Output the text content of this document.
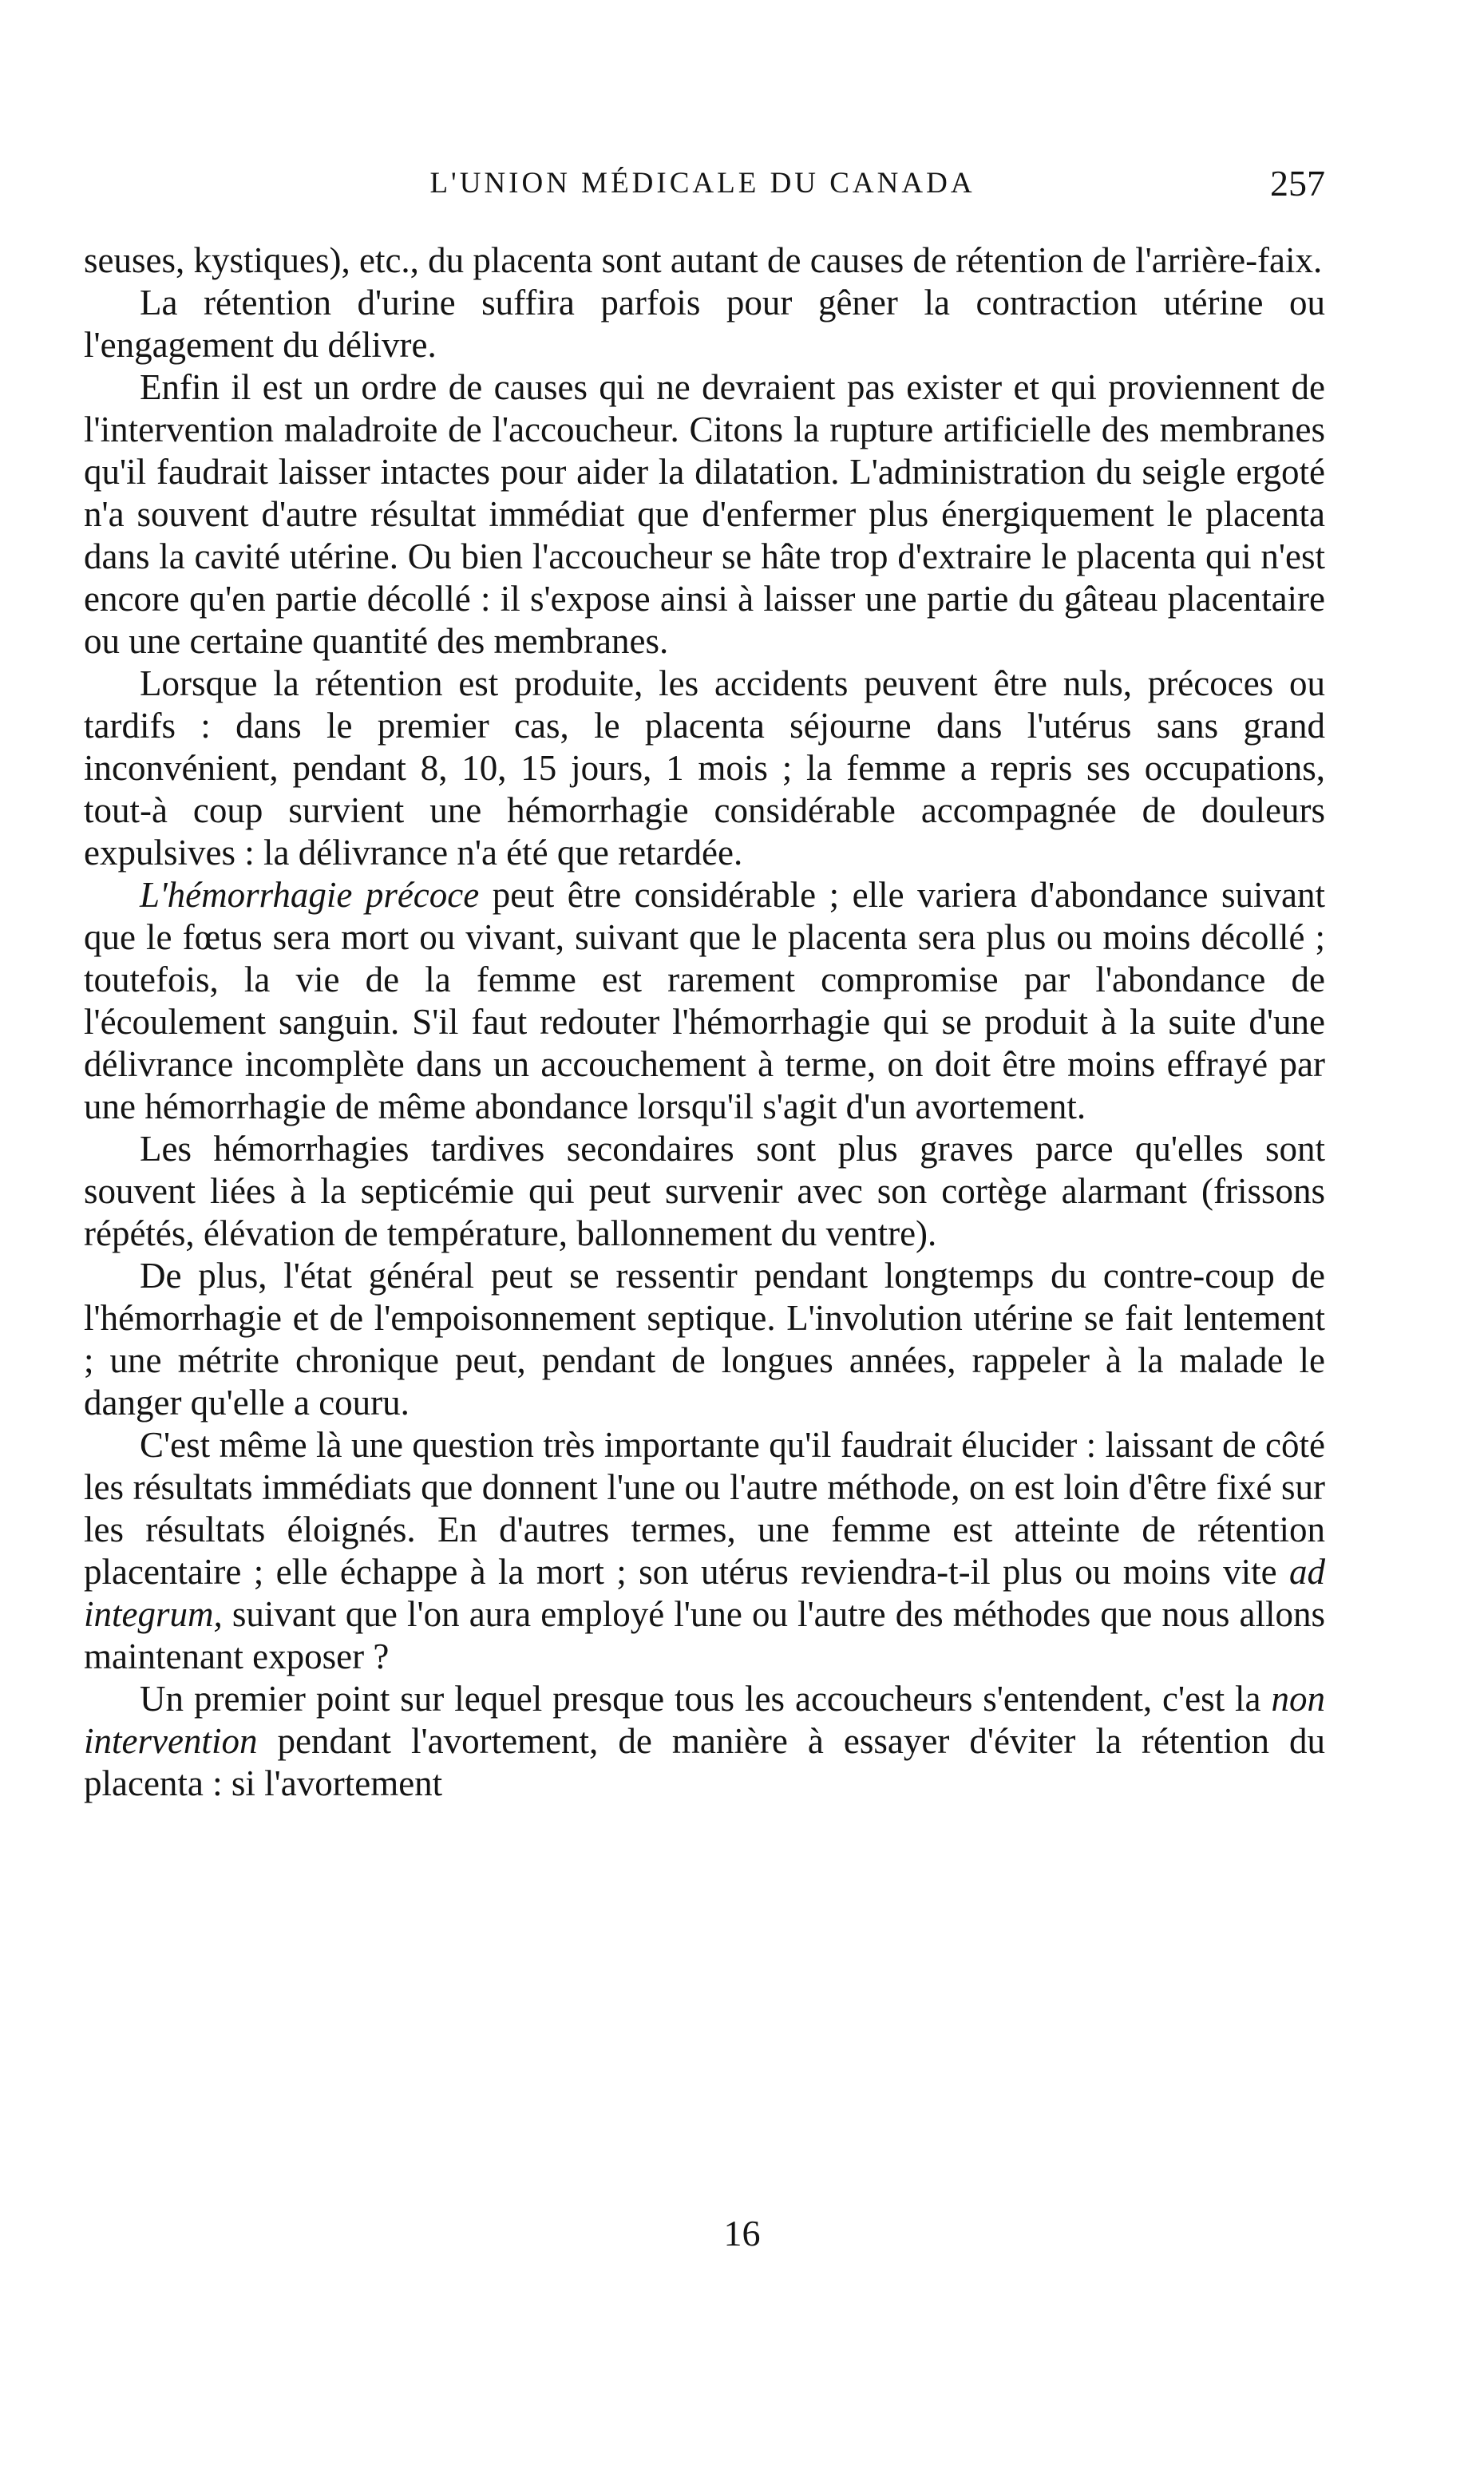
L'UNION MÉDICALE DU CANADA	257

seuses, kystiques), etc., du placenta sont autant de causes de rétention de l'arrière-faix.

La rétention d'urine suffira parfois pour gêner la contraction utérine ou l'engagement du délivre.

Enfin il est un ordre de causes qui ne devraient pas exister et qui proviennent de l'intervention maladroite de l'accoucheur. Citons la rupture artificielle des membranes qu'il faudrait laisser intactes pour aider la dilatation. L'administration du seigle ergoté n'a souvent d'autre résultat immédiat que d'enfermer plus énergiquement le placenta dans la cavité utérine. Ou bien l'accoucheur se hâte trop d'extraire le placenta qui n'est encore qu'en partie décollé : il s'expose ainsi à laisser une partie du gâteau placentaire ou une certaine quantité des membranes.

Lorsque la rétention est produite, les accidents peuvent être nuls, précoces ou tardifs : dans le premier cas, le placenta séjourne dans l'utérus sans grand inconvénient, pendant 8, 10, 15 jours, 1 mois ; la femme a repris ses occupations, tout-à coup survient une hémorrhagie considérable accompagnée de douleurs expulsives : la délivrance n'a été que retardée.

L'hémorrhagie précoce peut être considérable ; elle variera d'abondance suivant que le fœtus sera mort ou vivant, suivant que le placenta sera plus ou moins décollé ; toutefois, la vie de la femme est rarement compromise par l'abondance de l'écoulement sanguin. S'il faut redouter l'hémorrhagie qui se produit à la suite d'une délivrance incomplète dans un accouchement à terme, on doit être moins effrayé par une hémorrhagie de même abondance lorsqu'il s'agit d'un avortement.

Les hémorrhagies tardives secondaires sont plus graves parce qu'elles sont souvent liées à la septicémie qui peut survenir avec son cortège alarmant (frissons répétés, élévation de température, ballonnement du ventre).

De plus, l'état général peut se ressentir pendant longtemps du contre-coup de l'hémorrhagie et de l'empoisonnement septique. L'involution utérine se fait lentement ; une métrite chronique peut, pendant de longues années, rappeler à la malade le danger qu'elle a couru.

C'est même là une question très importante qu'il faudrait élucider : laissant de côté les résultats immédiats que donnent l'une ou l'autre méthode, on est loin d'être fixé sur les résultats éloignés. En d'autres termes, une femme est atteinte de rétention placentaire ; elle échappe à la mort ; son utérus reviendra-t-il plus ou moins vite ad integrum, suivant que l'on aura employé l'une ou l'autre des méthodes que nous allons maintenant exposer ?

Un premier point sur lequel presque tous les accoucheurs s'entendent, c'est la non intervention pendant l'avortement, de manière à essayer d'éviter la rétention du placenta : si l'avortement

16
